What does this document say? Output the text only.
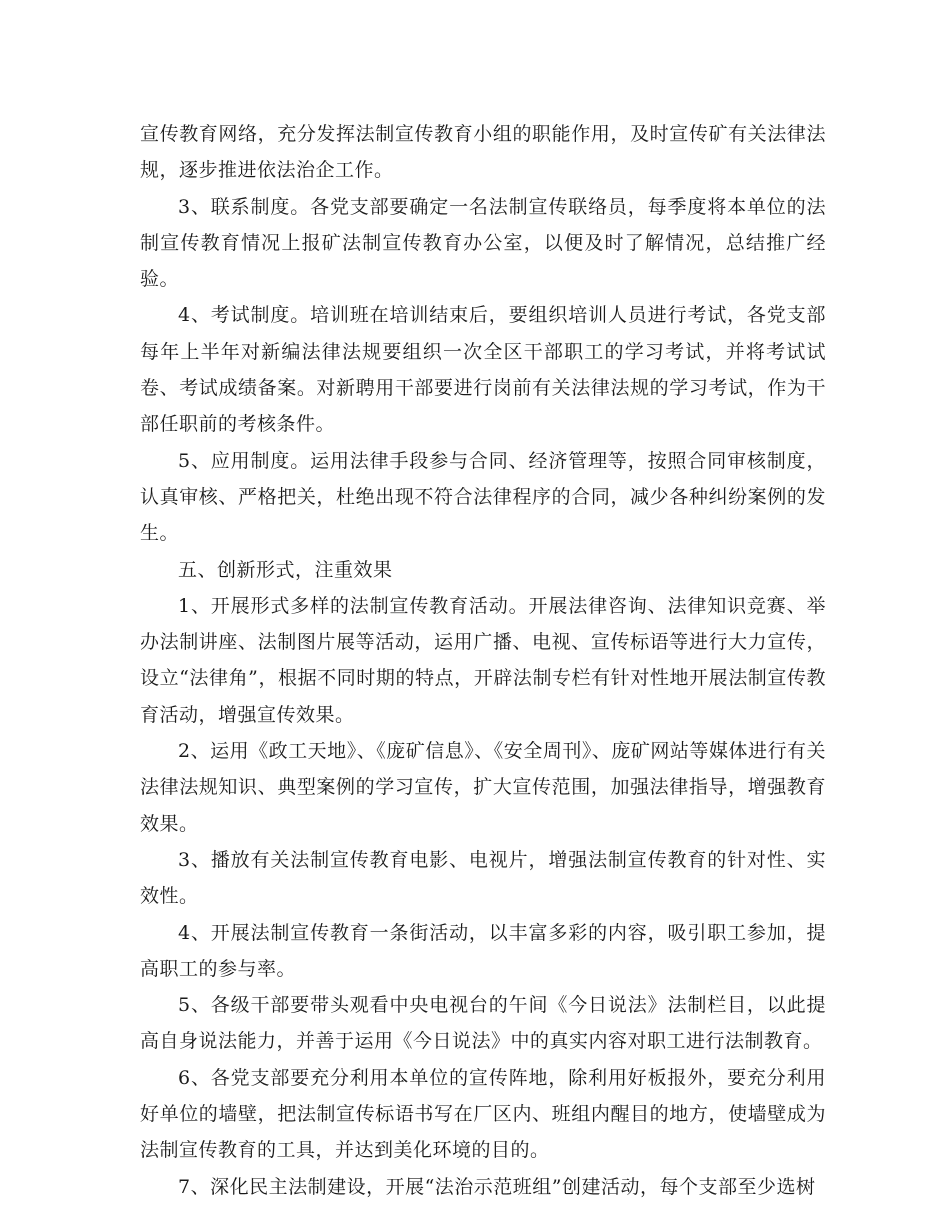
宣传教育网络，充分发挥法制宣传教育小组的职能作用，及时宣传矿有关法律法规，逐步推进依法治企工作。

3、联系制度。各党支部要确定一名法制宣传联络员，每季度将本单位的法制宣传教育情况上报矿法制宣传教育办公室，以便及时了解情况，总结推广经验。

4、考试制度。培训班在培训结束后，要组织培训人员进行考试，各党支部每年上半年对新编法律法规要组织一次全区干部职工的学习考试，并将考试试卷、考试成绩备案。对新聘用干部要进行岗前有关法律法规的学习考试，作为干部任职前的考核条件。

5、应用制度。运用法律手段参与合同、经济管理等，按照合同审核制度，认真审核、严格把关，杜绝出现不符合法律程序的合同，减少各种纠纷案例的发生。

五、创新形式，注重效果

1、开展形式多样的法制宣传教育活动。开展法律咨询、法律知识竞赛、举办法制讲座、法制图片展等活动，运用广播、电视、宣传标语等进行大力宣传，设立“法律角”，根据不同时期的特点，开辟法制专栏有针对性地开展法制宣传教育活动，增强宣传效果。

2、运用《政工天地》、《庞矿信息》、《安全周刊》、庞矿网站等媒体进行有关法律法规知识、典型案例的学习宣传，扩大宣传范围，加强法律指导，增强教育效果。

3、播放有关法制宣传教育电影、电视片，增强法制宣传教育的针对性、实效性。

4、开展法制宣传教育一条街活动，以丰富多彩的内容，吸引职工参加，提高职工的参与率。

5、各级干部要带头观看中央电视台的午间《今日说法》法制栏目，以此提高自身说法能力，并善于运用《今日说法》中的真实内容对职工进行法制教育。

6、各党支部要充分利用本单位的宣传阵地，除利用好板报外，要充分利用好单位的墙壁，把法制宣传标语书写在厂区内、班组内醒目的地方，使墙壁成为法制宣传教育的工具，并达到美化环境的目的。

7、深化民主法制建设，开展“法治示范班组”创建活动，每个支部至少选树
